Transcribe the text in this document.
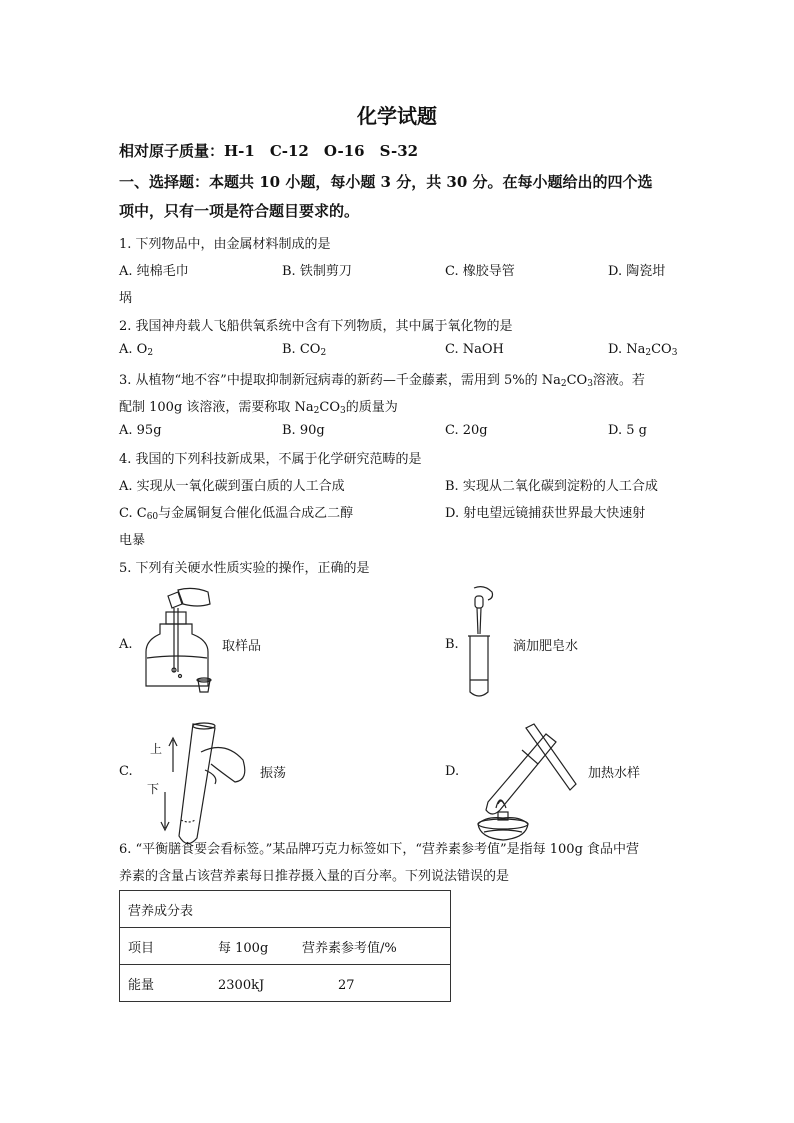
化学试题
相对原子质量：H-1　C-12　O-16　S-32
一、选择题：本题共 10 小题，每小题 3 分，共 30 分。在每小题给出的四个选
项中，只有一项是符合题目要求的。
1. 下列物品中，由金属材料制成的是
A. 纯棉毛巾	B. 铁制剪刀	C. 橡胶导管	D. 陶瓷坩
埚
2. 我国神舟载人飞船供氧系统中含有下列物质，其中属于氧化物的是
A. $O_2$	B. $CO_2$	C. NaOH	D. $Na_2CO_3$
3. 从植物“地不容”中提取抑制新冠病毒的新药—千金藤素，需用到 5%的 $Na_2CO_3$溶液。若
配制 100g 该溶液，需要称取 $Na_2CO_3$的质量为
A. 95g	B. 90g	C. 20g	D. 5 g
4. 我国的下列科技新成果，不属于化学研究范畴的是
A. 实现从一氧化碳到蛋白质的人工合成	B. 实现从二氧化碳到淀粉的人工合成
C. $C_{60}$与金属铜复合催化低温合成乙二醇	D. 射电望远镜捕获世界最大快速射
电暴
5. 下列有关硬水性质实验的操作，正确的是
A.	取样品	B.	滴加肥皂水
C.
上
下
振荡	D.	加热水样
6. “平衡膳食要会看标签。”某品牌巧克力标签如下，“营养素参考值”是指每 100g 食品中营
养素的含量占该营养素每日推荐摄入量的百分率。下列说法错误的是
营养成分表
项目	每 100g	营养素参考值/%
能量	2300kJ	27
